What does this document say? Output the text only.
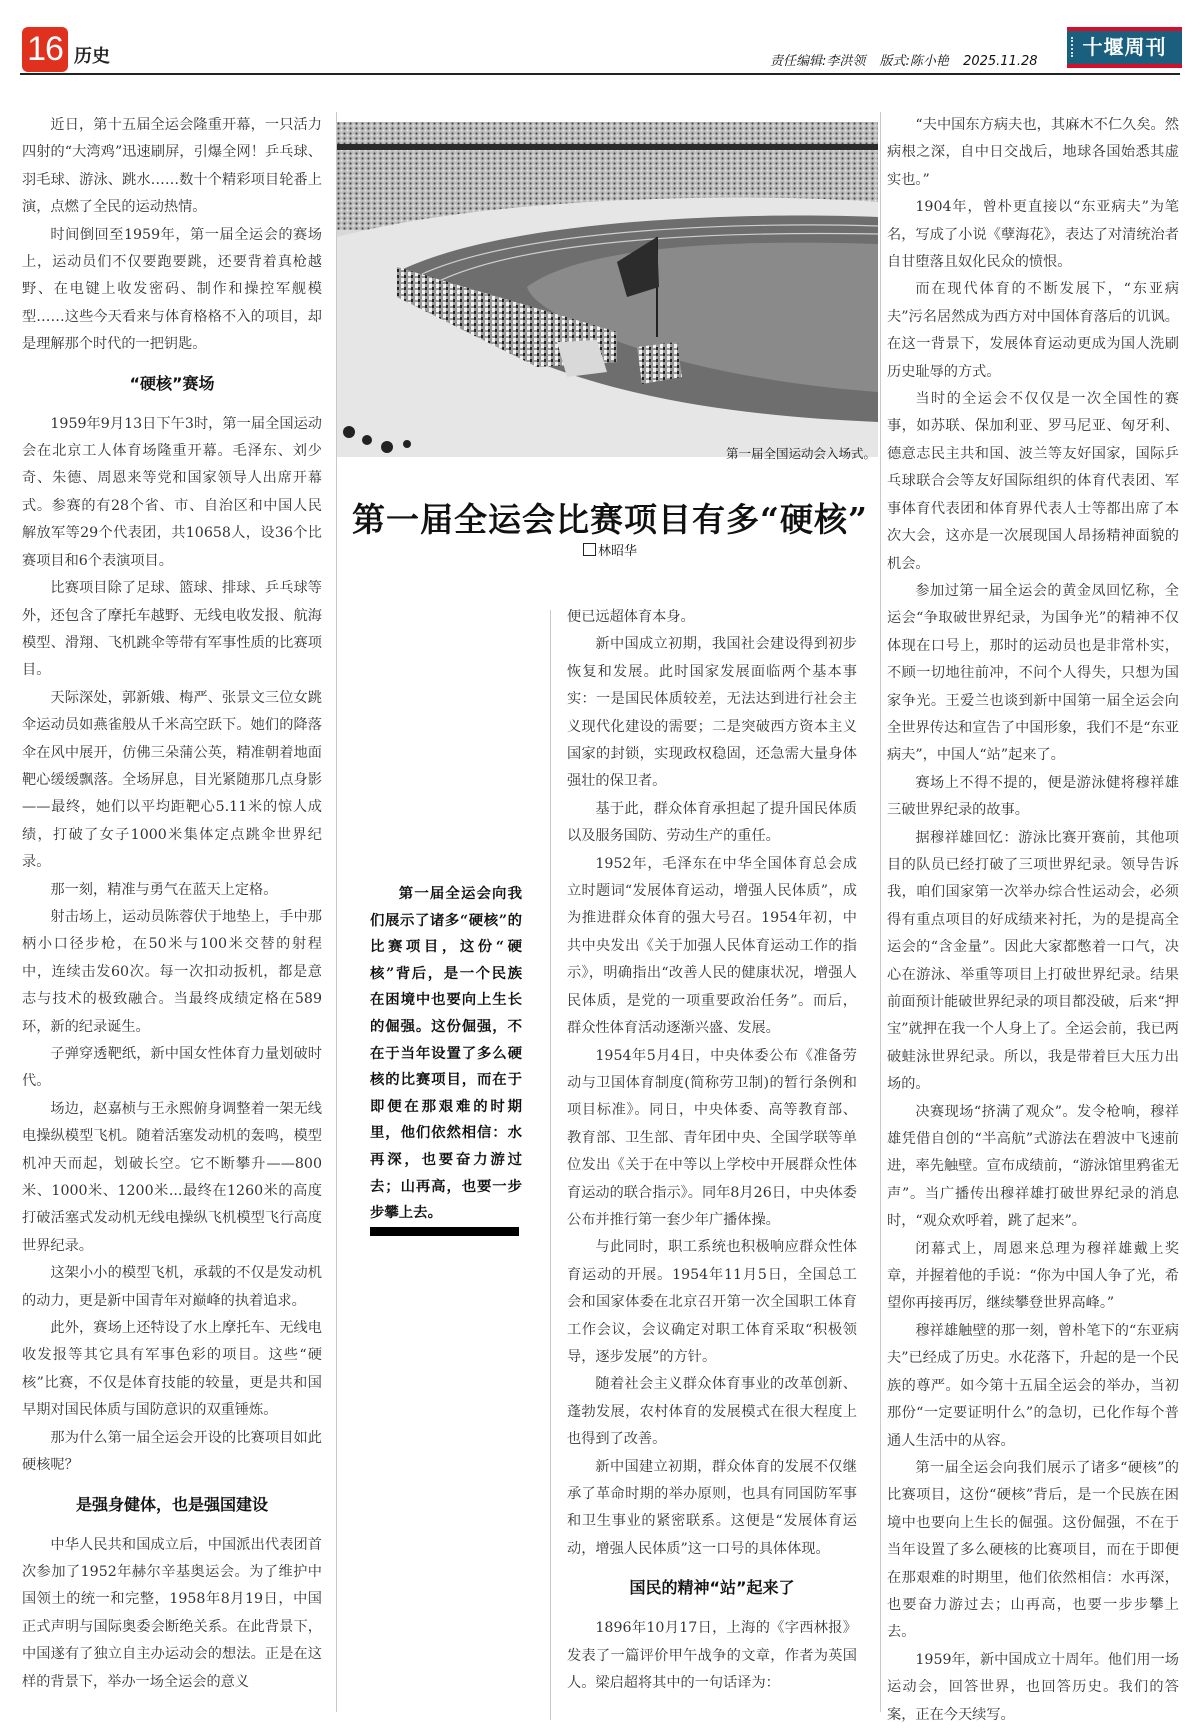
16 历史	责任编辑:李洪领 版式:陈小艳 2025.11.28
十堰周刊

近日，第十五届全运会隆重开幕，一只活力四射的“大湾鸡”迅速刷屏，引爆全网！乒乓球、羽毛球、游泳、跳水……数十个精彩项目轮番上演，点燃了全民的运动热情。

时间倒回至1959年，第一届全运会的赛场上，运动员们不仅要跑要跳，还要背着真枪越野、在电键上收发密码、制作和操控军舰模型……这些今天看来与体育格格不入的项目，却是理解那个时代的一把钥匙。

“硬核”赛场

1959年9月13日下午3时，第一届全国运动会在北京工人体育场隆重开幕。毛泽东、刘少奇、朱德、周恩来等党和国家领导人出席开幕式。参赛的有28个省、市、自治区和中国人民解放军等29个代表团，共10658人，设36个比赛项目和6个表演项目。

比赛项目除了足球、篮球、排球、乒乓球等外，还包含了摩托车越野、无线电收发报、航海模型、滑翔、飞机跳伞等带有军事性质的比赛项目。

天际深处，郭新娥、梅严、张景文三位女跳伞运动员如燕雀般从千米高空跃下。她们的降落伞在风中展开，仿佛三朵蒲公英，精准朝着地面靶心缓缓飘落。全场屏息，目光紧随那几点身影——最终，她们以平均距靶心5.11米的惊人成绩，打破了女子1000米集体定点跳伞世界纪录。

那一刻，精准与勇气在蓝天上定格。

射击场上，运动员陈蓉伏于地垫上，手中那柄小口径步枪，在50米与100米交替的射程中，连续击发60次。每一次扣动扳机，都是意志与技术的极致融合。当最终成绩定格在589环，新的纪录诞生。

子弹穿透靶纸，新中国女性体育力量划破时代。

场边，赵嘉桢与王永熙俯身调整着一架无线电操纵模型飞机。随着活塞发动机的轰鸣，模型机冲天而起，划破长空。它不断攀升——800米、1000米、1200米...最终在1260米的高度打破活塞式发动机无线电操纵飞机模型飞行高度世界纪录。

这架小小的模型飞机，承载的不仅是发动机的动力，更是新中国青年对巅峰的执着追求。

此外，赛场上还特设了水上摩托车、无线电收发报等其它具有军事色彩的项目。这些“硬核”比赛，不仅是体育技能的较量，更是共和国早期对国民体质与国防意识的双重锤炼。

那为什么第一届全运会开设的比赛项目如此硬核呢？

是强身健体，也是强国建设

中华人民共和国成立后，中国派出代表团首次参加了1952年赫尔辛基奥运会。为了维护中国领土的统一和完整，1958年8月19日，中国正式声明与国际奥委会断绝关系。在此背景下，中国遂有了独立自主办运动会的想法。正是在这样的背景下，举办一场全运会的意义

第一届全国运动会入场式。
第一届全运会比赛项目有多“硬核”
林昭华

第一届全运会向我们展示了诸多“硬核”的比赛项目，这份“硬核”背后，是一个民族在困境中也要向上生长的倔强。这份倔强，不在于当年设置了多么硬核的比赛项目，而在于即便在那艰难的时期里，他们依然相信：水再深，也要奋力游过去；山再高，也要一步步攀上去。

便已远超体育本身。

新中国成立初期，我国社会建设得到初步恢复和发展。此时国家发展面临两个基本事实：一是国民体质较差，无法达到进行社会主义现代化建设的需要；二是突破西方资本主义国家的封锁，实现政权稳固，还急需大量身体强壮的保卫者。

基于此，群众体育承担起了提升国民体质以及服务国防、劳动生产的重任。

1952年，毛泽东在中华全国体育总会成立时题词“发展体育运动，增强人民体质”，成为推进群众体育的强大号召。1954年初，中共中央发出《关于加强人民体育运动工作的指示》，明确指出“改善人民的健康状况，增强人民体质，是党的一项重要政治任务”。而后，群众性体育活动逐渐兴盛、发展。

1954年5月4日，中央体委公布《准备劳动与卫国体育制度(简称劳卫制)的暂行条例和项目标准》。同日，中央体委、高等教育部、教育部、卫生部、青年团中央、全国学联等单位发出《关于在中等以上学校中开展群众性体育运动的联合指示》。同年8月26日，中央体委公布并推行第一套少年广播体操。

与此同时，职工系统也积极响应群众性体育运动的开展。1954年11月5日，全国总工会和国家体委在北京召开第一次全国职工体育工作会议，会议确定对职工体育采取“积极领导，逐步发展”的方针。

随着社会主义群众体育事业的改革创新、蓬勃发展，农村体育的发展模式在很大程度上也得到了改善。

新中国建立初期，群众体育的发展不仅继承了革命时期的举办原则，也具有同国防军事和卫生事业的紧密联系。这便是“发展体育运动，增强人民体质”这一口号的具体体现。

国民的精神“站”起来了

1896年10月17日，上海的《字西林报》发表了一篇评价甲午战争的文章，作者为英国人。梁启超将其中的一句话译为：

“夫中国东方病夫也，其麻木不仁久矣。然病根之深，自中日交战后，地球各国始悉其虚实也。”

1904年，曾朴更直接以“东亚病夫”为笔名，写成了小说《孽海花》，表达了对清统治者自甘堕落且奴化民众的愤恨。

而在现代体育的不断发展下，“东亚病夫”污名居然成为西方对中国体育落后的讥讽。在这一背景下，发展体育运动更成为国人洗刷历史耻辱的方式。

当时的全运会不仅仅是一次全国性的赛事，如苏联、保加利亚、罗马尼亚、匈牙利、德意志民主共和国、波兰等友好国家，国际乒乓球联合会等友好国际组织的体育代表团、军事体育代表团和体育界代表人士等都出席了本次大会，这亦是一次展现国人昂扬精神面貌的机会。

参加过第一届全运会的黄金凤回忆称，全运会“争取破世界纪录，为国争光”的精神不仅体现在口号上，那时的运动员也是非常朴实，不顾一切地往前冲，不问个人得失，只想为国家争光。王爱兰也谈到新中国第一届全运会向全世界传达和宣告了中国形象，我们不是“东亚病夫”，中国人“站”起来了。

赛场上不得不提的，便是游泳健将穆祥雄三破世界纪录的故事。

据穆祥雄回忆：游泳比赛开赛前，其他项目的队员已经打破了三项世界纪录。领导告诉我，咱们国家第一次举办综合性运动会，必须得有重点项目的好成绩来衬托，为的是提高全运会的“含金量”。因此大家都憋着一口气，决心在游泳、举重等项目上打破世界纪录。结果前面预计能破世界纪录的项目都没破，后来“押宝”就押在我一个人身上了。全运会前，我已两破蛙泳世界纪录。所以，我是带着巨大压力出场的。

决赛现场“挤满了观众”。发令枪响，穆祥雄凭借自创的“半高航”式游法在碧波中飞速前进，率先触壁。宣布成绩前，“游泳馆里鸦雀无声”。当广播传出穆祥雄打破世界纪录的消息时，“观众欢呼着，跳了起来”。

闭幕式上，周恩来总理为穆祥雄戴上奖章，并握着他的手说：“你为中国人争了光，希望你再接再厉，继续攀登世界高峰。”

穆祥雄触壁的那一刻，曾朴笔下的“东亚病夫”已经成了历史。水花落下，升起的是一个民族的尊严。如今第十五届全运会的举办，当初那份“一定要证明什么”的急切，已化作每个普通人生活中的从容。

第一届全运会向我们展示了诸多“硬核”的比赛项目，这份“硬核”背后，是一个民族在困境中也要向上生长的倔强。这份倔强，不在于当年设置了多么硬核的比赛项目，而在于即便在那艰难的时期里，他们依然相信：水再深，也要奋力游过去；山再高，也要一步步攀上去。

1959年，新中国成立十周年。他们用一场运动会，回答世界，也回答历史。我们的答案，正在今天续写。
